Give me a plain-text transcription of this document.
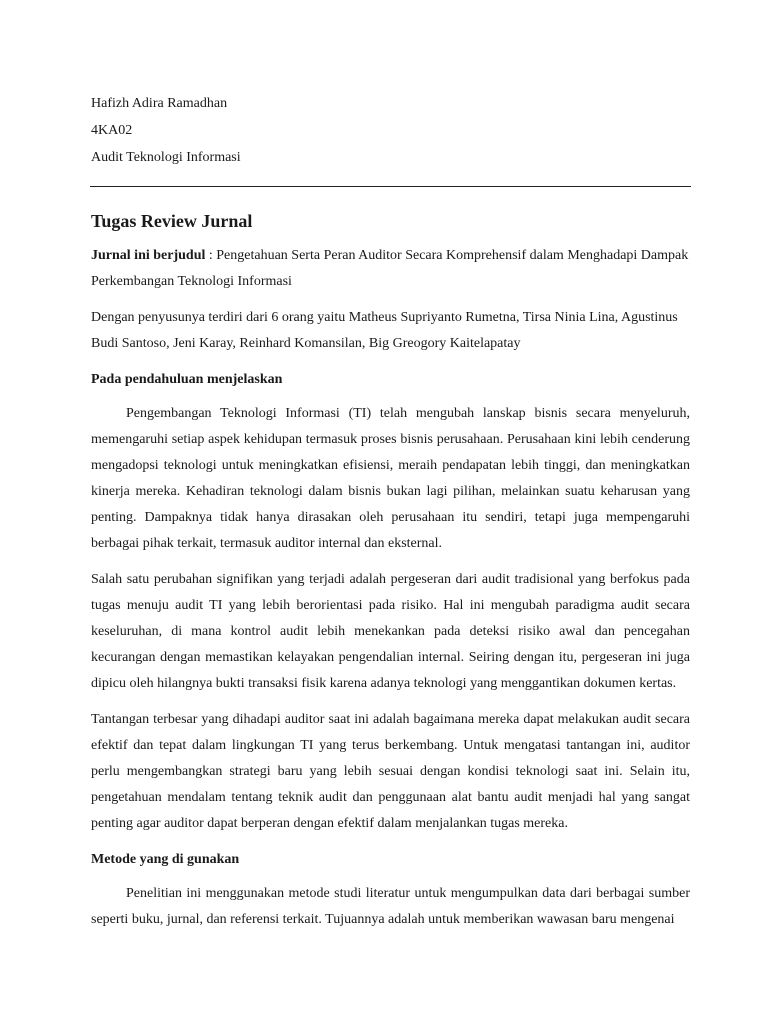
Hafizh Adira Ramadhan
4KA02
Audit Teknologi Informasi
Tugas Review Jurnal

Jurnal ini berjudul : Pengetahuan Serta Peran Auditor Secara Komprehensif dalam Menghadapi Dampak Perkembangan Teknologi Informasi

Dengan penyusunya terdiri dari 6 orang yaitu Matheus Supriyanto Rumetna, Tirsa Ninia Lina, Agustinus Budi Santoso, Jeni Karay, Reinhard Komansilan, Big Greogory Kaitelapatay

Pada pendahuluan menjelaskan

Pengembangan Teknologi Informasi (TI) telah mengubah lanskap bisnis secara menyeluruh, memengaruhi setiap aspek kehidupan termasuk proses bisnis perusahaan. Perusahaan kini lebih cenderung mengadopsi teknologi untuk meningkatkan efisiensi, meraih pendapatan lebih tinggi, dan meningkatkan kinerja mereka. Kehadiran teknologi dalam bisnis bukan lagi pilihan, melainkan suatu keharusan yang penting. Dampaknya tidak hanya dirasakan oleh perusahaan itu sendiri, tetapi juga mempengaruhi berbagai pihak terkait, termasuk auditor internal dan eksternal.

Salah satu perubahan signifikan yang terjadi adalah pergeseran dari audit tradisional yang berfokus pada tugas menuju audit TI yang lebih berorientasi pada risiko. Hal ini mengubah paradigma audit secara keseluruhan, di mana kontrol audit lebih menekankan pada deteksi risiko awal dan pencegahan kecurangan dengan memastikan kelayakan pengendalian internal. Seiring dengan itu, pergeseran ini juga dipicu oleh hilangnya bukti transaksi fisik karena adanya teknologi yang menggantikan dokumen kertas.

Tantangan terbesar yang dihadapi auditor saat ini adalah bagaimana mereka dapat melakukan audit secara efektif dan tepat dalam lingkungan TI yang terus berkembang. Untuk mengatasi tantangan ini, auditor perlu mengembangkan strategi baru yang lebih sesuai dengan kondisi teknologi saat ini. Selain itu, pengetahuan mendalam tentang teknik audit dan penggunaan alat bantu audit menjadi hal yang sangat penting agar auditor dapat berperan dengan efektif dalam menjalankan tugas mereka.

Metode yang di gunakan

Penelitian ini menggunakan metode studi literatur untuk mengumpulkan data dari berbagai sumber seperti buku, jurnal, dan referensi terkait. Tujuannya adalah untuk memberikan wawasan baru mengenai
